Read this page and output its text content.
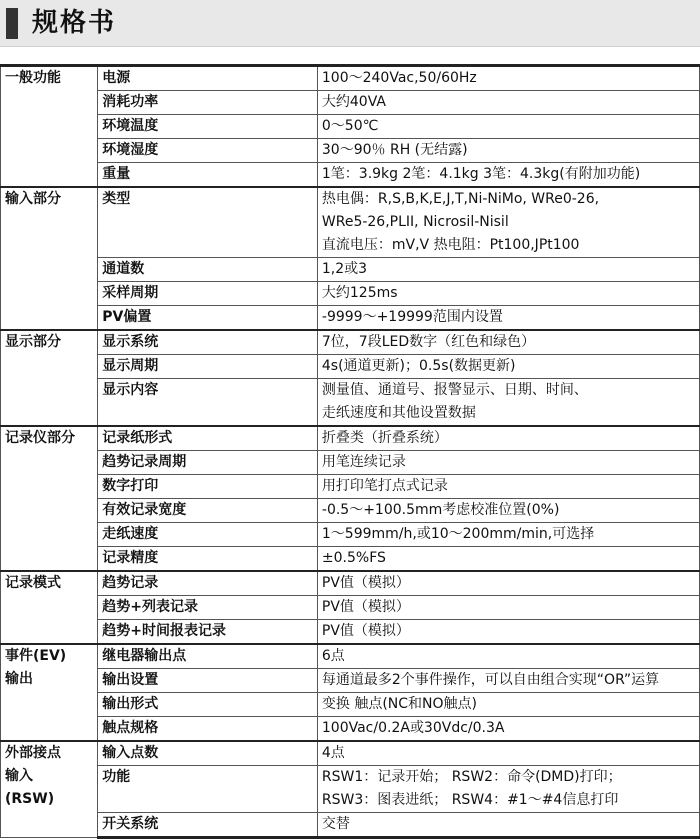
规格书
一般功能	电源	100～240Vac,50/60Hz

	消耗功率	大约40VA

	环境温度	0～50℃

	环境湿度	30～90％ RH (无结露)

	重量	1笔：3.9kg 2笔：4.1kg 3笔：4.3kg(有附加功能)

输入部分	类型	热电偶：R,S,B,K,E,J,T,Ni-NiMo, WRe0-26,
WRe5-26,PLII, Nicrosil-Nisil
直流电压：mV,V 热电阻：Pt100,JPt100

	通道数	1,2或3

	采样周期	大约125ms

	PV偏置	-9999～+19999范围内设置

显示部分	显示系统	7位，7段LED数字（红色和绿色）

	显示周期	4s(通道更新)；0.5s(数据更新)

	显示内容	测量值、通道号、报警显示、日期、时间、
走纸速度和其他设置数据

记录仪部分	记录纸形式	折叠类（折叠系统）

	趋势记录周期	用笔连续记录

	数字打印	用打印笔打点式记录

	有效记录宽度	-0.5～+100.5mm考虑校准位置(0%)

	走纸速度	1～599mm/h,或10～200mm/min,可选择

	记录精度	±0.5%FS

记录模式	趋势记录	PV值（模拟）

	趋势+列表记录	PV值（模拟）

	趋势+时间报表记录	PV值（模拟）

事件(EV)
输出	继电器输出点	6点

	输出设置	每通道最多2个事件操作，可以自由组合实现“OR”运算

	输出形式	变换 触点(NC和NO触点)

	触点规格	100Vac/0.2A或30Vdc/0.3A

外部接点
输入
(RSW)	输入点数	4点

	功能	RSW1：记录开始； RSW2：命令(DMD)打印；
RSW3：图表进纸； RSW4：#1～#4信息打印

	开关系统	交替
